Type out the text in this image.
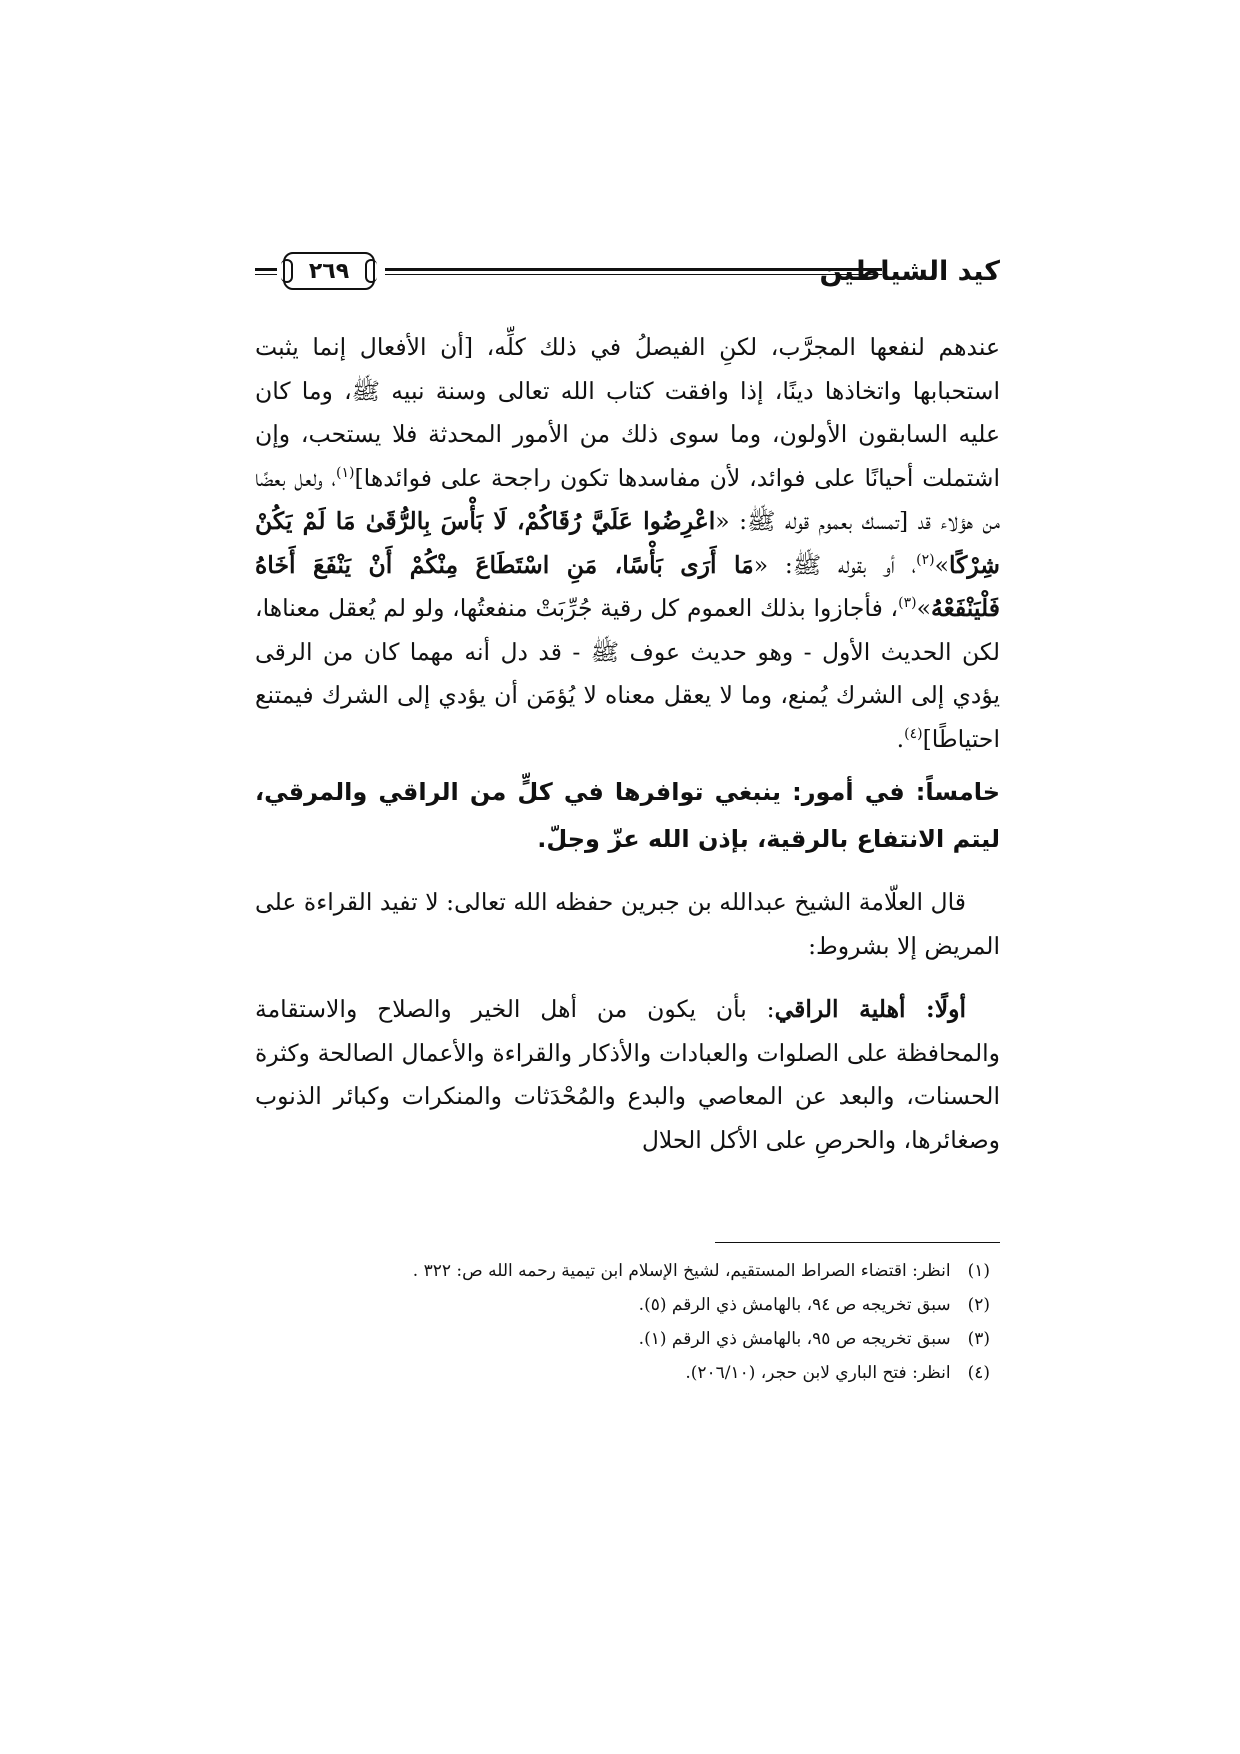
كيد الشياطين
٢٦٩

عندهم لنفعها المجرَّب، لكنِ الفيصلُ في ذلك كلِّه، [أن الأفعال إنما يثبت استحبابها واتخاذها دينًا، إذا وافقت كتاب الله تعالى وسنة نبيه ﷺ، وما كان عليه السابقون الأولون، وما سوى ذلك من الأمور المحدثة فلا يستحب، وإن اشتملت أحيانًا على فوائد، لأن مفاسدها تكون راجحة على فوائدها]$^{(١)}$، ولعل بعضًا من هؤلاء قد [تمسك بعموم قوله ﷺ: «اعْرِضُوا عَلَيَّ رُقَاكُمْ، لَا بَأْسَ بِالرُّقَىٰ مَا لَمْ يَكُنْ شِرْكًا»$^{(٢)}$، أو بقوله ﷺ: «مَا أَرَى بَأْسًا، مَنِ اسْتَطَاعَ مِنْكُمْ أَنْ يَنْفَعَ أَخَاهُ فَلْيَنْفَعْهُ»$^{(٣)}$، فأجازوا بذلك العموم كل رقية جُرِّبَتْ منفعتُها، ولو لم يُعقل معناها، لكن الحديث الأول - وهو حديث عوف ﷺ - قد دل أنه مهما كان من الرقى يؤدي إلى الشرك يُمنع، وما لا يعقل معناه لا يُؤمَن أن يؤدي إلى الشرك فيمتنع احتياطًا]$^{(٤)}$.

خامساً: في أمور: ينبغي توافرها في كلٍّ من الراقي والمرقي، ليتم الانتفاع بالرقية، بإذن الله عزّ وجلّ.

قال العلّامة الشيخ عبدالله بن جبرين حفظه الله تعالى: لا تفيد القراءة على المريض إلا بشروط:

أولًا: أهلية الراقي: بأن يكون من أهل الخير والصلاح والاستقامة والمحافظة على الصلوات والعبادات والأذكار والقراءة والأعمال الصالحة وكثرة الحسنات، والبعد عن المعاصي والبدع والمُحْدَثات والمنكرات وكبائر الذنوب وصغائرها، والحرصِ على الأكل الحلال

(١) انظر: اقتضاء الصراط المستقيم، لشيخ الإسلام ابن تيمية رحمه الله ص: ٣٢٢ .
(٢) سبق تخريجه ص ٩٤، بالهامش ذي الرقم (٥).
(٣) سبق تخريجه ص ٩٥، بالهامش ذي الرقم (١).
(٤) انظر: فتح الباري لابن حجر، (٢٠٦/١٠).
